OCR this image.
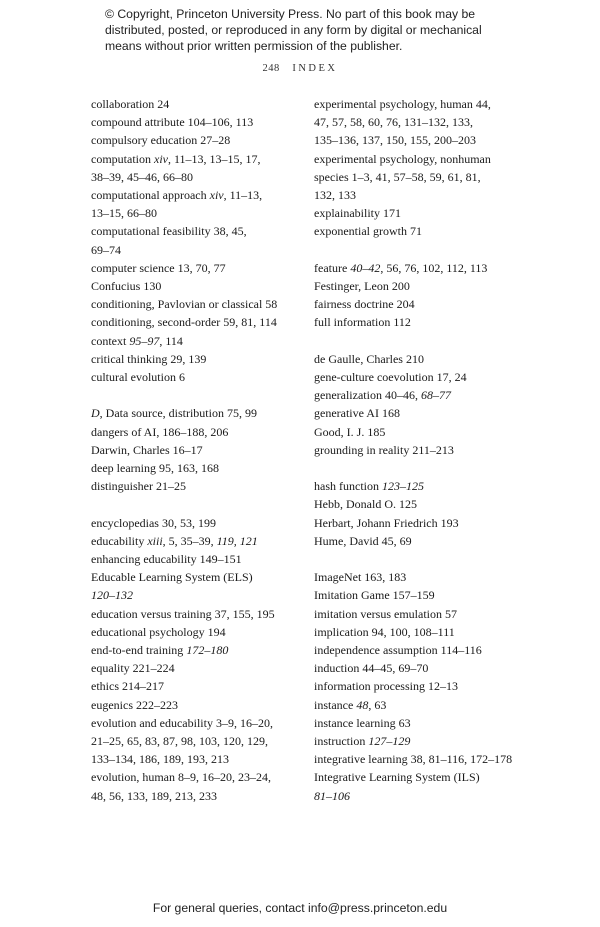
© Copyright, Princeton University Press. No part of this book may be
distributed, posted, or reproduced in any form by digital or mechanical
means without prior written permission of the publisher.
248 INDEX
collaboration 24
compound attribute 104–106, 113
compulsory education 27–28
computation xiv, 11–13, 13–15, 17,
38–39, 45–46, 66–80
computational approach xiv, 11–13,
13–15, 66–80
computational feasibility 38, 45,
69–74
computer science 13, 70, 77
Confucius 130
conditioning, Pavlovian or classical 58
conditioning, second-order 59, 81, 114
context 95–97, 114
critical thinking 29, 139
cultural evolution 6
D, Data source, distribution 75, 99
dangers of AI, 186–188, 206
Darwin, Charles 16–17
deep learning 95, 163, 168
distinguisher 21–25
encyclopedias 30, 53, 199
educability xiii, 5, 35–39, 119, 121
enhancing educability 149–151
Educable Learning System (ELS)
120–132
education versus training 37, 155, 195
educational psychology 194
end-to-end training 172–180
equality 221–224
ethics 214–217
eugenics 222–223
evolution and educability 3–9, 16–20,
21–25, 65, 83, 87, 98, 103, 120, 129,
133–134, 186, 189, 193, 213
evolution, human 8–9, 16–20, 23–24,
48, 56, 133, 189, 213, 233
experimental psychology, human 44,
47, 57, 58, 60, 76, 131–132, 133,
135–136, 137, 150, 155, 200–203
experimental psychology, nonhuman
species 1–3, 41, 57–58, 59, 61, 81,
132, 133
explainability 171
exponential growth 71
feature 40–42, 56, 76, 102, 112, 113
Festinger, Leon 200
fairness doctrine 204
full information 112
de Gaulle, Charles 210
gene-culture coevolution 17, 24
generalization 40–46, 68–77
generative AI 168
Good, I. J. 185
grounding in reality 211–213
hash function 123–125
Hebb, Donald O. 125
Herbart, Johann Friedrich 193
Hume, David 45, 69
ImageNet 163, 183
Imitation Game 157–159
imitation versus emulation 57
implication 94, 100, 108–111
independence assumption 114–116
induction 44–45, 69–70
information processing 12–13
instance 48, 63
instance learning 63
instruction 127–129
integrative learning 38, 81–116, 172–178
Integrative Learning System (ILS)
81–106
For general queries, contact info@press.princeton.edu
